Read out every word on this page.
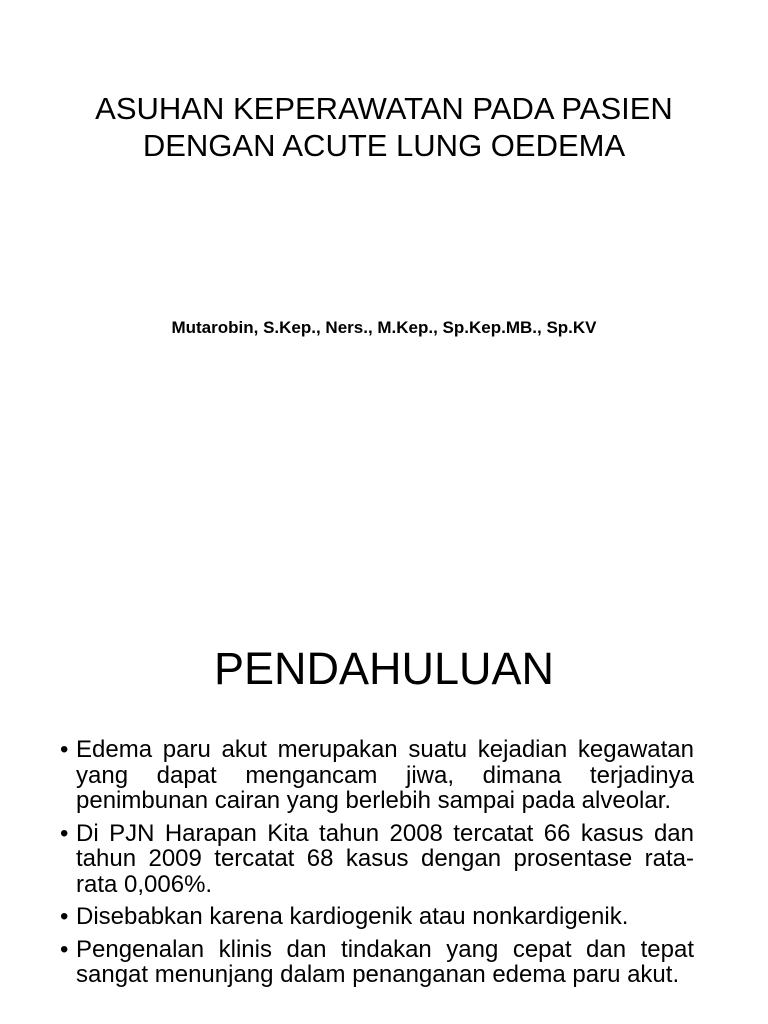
ASUHAN KEPERAWATAN PADA PASIEN
DENGAN ACUTE LUNG OEDEMA

Mutarobin, S.Kep., Ners., M.Kep., Sp.Kep.MB., Sp.KV

PENDAHULUAN
• Edema paru akut merupakan suatu kejadian kegawatan yang dapat mengancam jiwa, dimana terjadinya penimbunan cairan yang berlebih sampai pada alveolar.
• Di PJN Harapan Kita tahun 2008 tercatat 66 kasus dan tahun 2009 tercatat 68 kasus dengan prosentase rata-rata 0,006%.
• Disebabkan karena kardiogenik atau nonkardigenik.
• Pengenalan klinis dan tindakan yang cepat dan tepat sangat menunjang dalam penanganan edema paru akut.
